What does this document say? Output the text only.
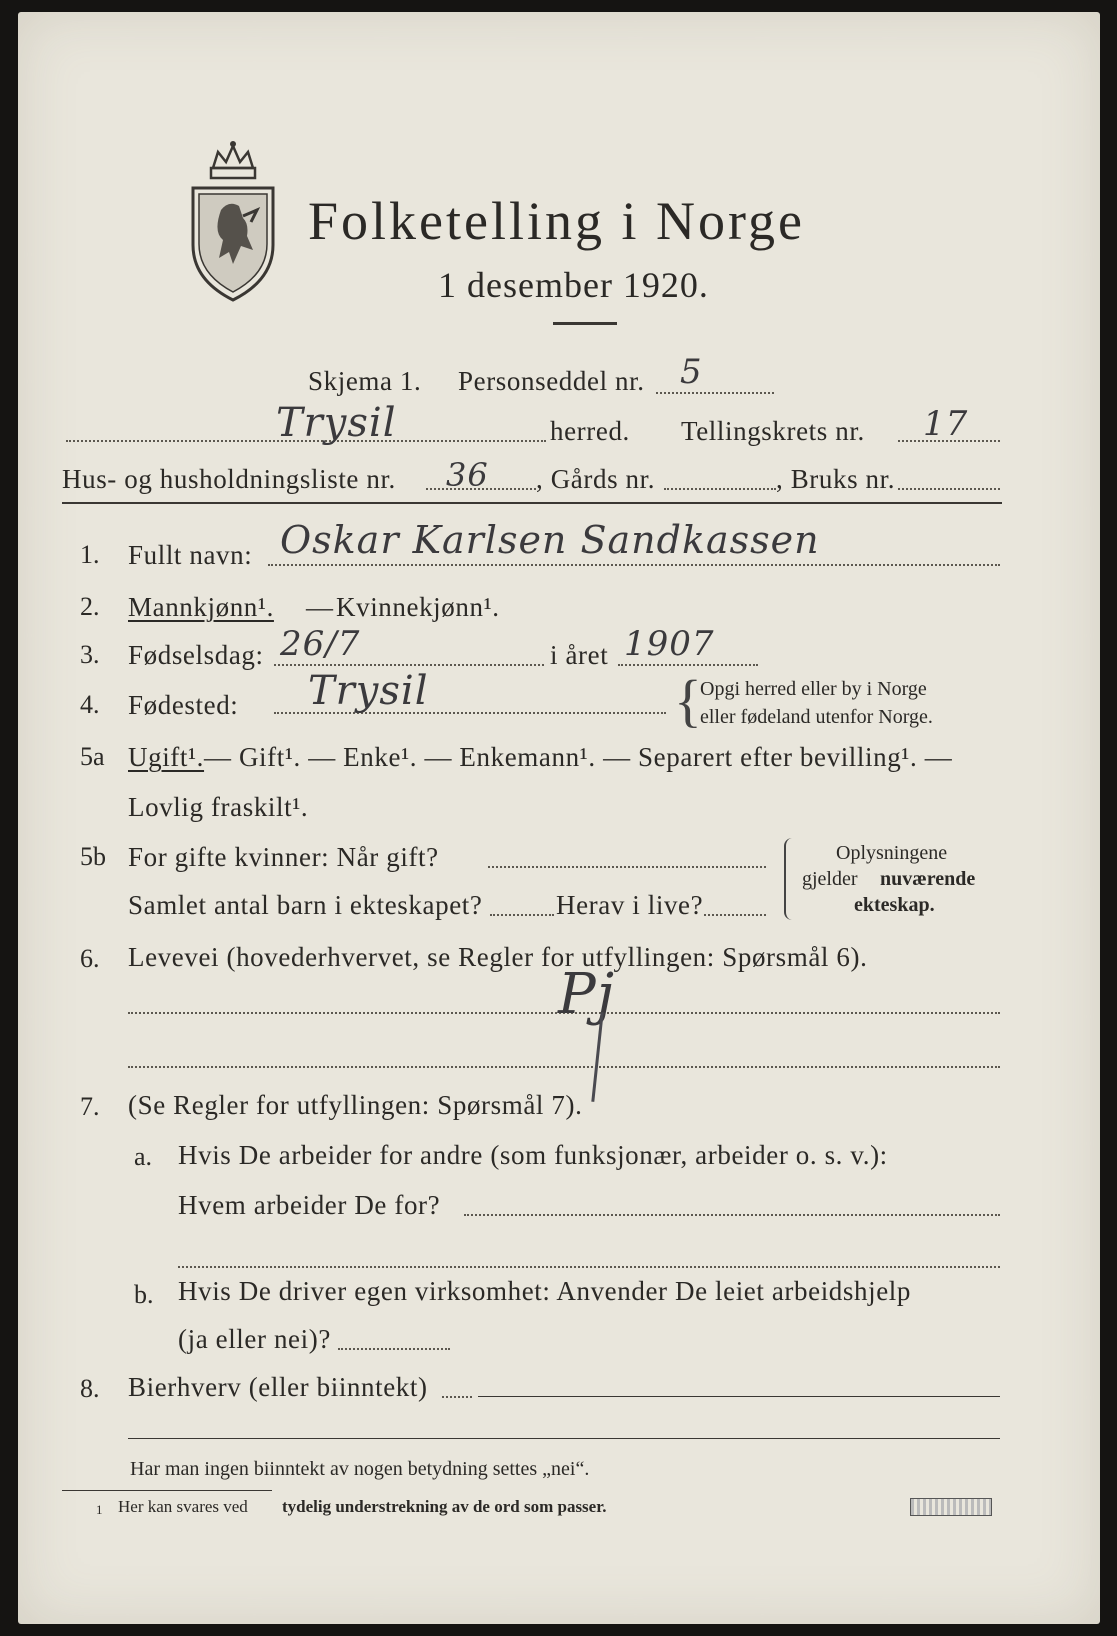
Folketelling i Norge
1 desember 1920.
Skjema 1. Personseddel nr. 5
Trysil	herred. Tellingskrets nr. 17
Hus- og husholdningsliste nr. 36 , Gårds nr.	, Bruks nr.
1. Fullt navn: Oskar Karlsen Sandkassen
2. Mannkjønn¹. — Kvinnekjønn¹.
3. Fødselsdag: 26/7	i året 1907
4. Fødested: Trysil	{
Opgi herred eller by i Norge
eller fødeland utenfor Norge.
5a Ugift¹. — Gift¹. — Enke¹. — Enkemann¹. — Separert efter bevilling¹. —
Lovlig fraskilt¹.
5b For gifte kvinner: Når gift?
Samlet antal barn i ekteskapet?	Herav i live?
Oplysningene
gjelder nuværende
ekteskap.
6. Levevei (hovederhvervet, se Regler for utfyllingen: Spørsmål 6).
Pj
7. (Se Regler for utfyllingen: Spørsmål 7).
a. Hvis De arbeider for andre (som funksjonær, arbeider o. s. v.):
Hvem arbeider De for?
b. Hvis De driver egen virksomhet: Anvender De leiet arbeidshjelp
(ja eller nei)?
8. Bierhverv (eller biinntekt)
Har man ingen biinntekt av nogen betydning settes „nei“.
1 Her kan svares ved tydelig understrekning av de ord som passer.
